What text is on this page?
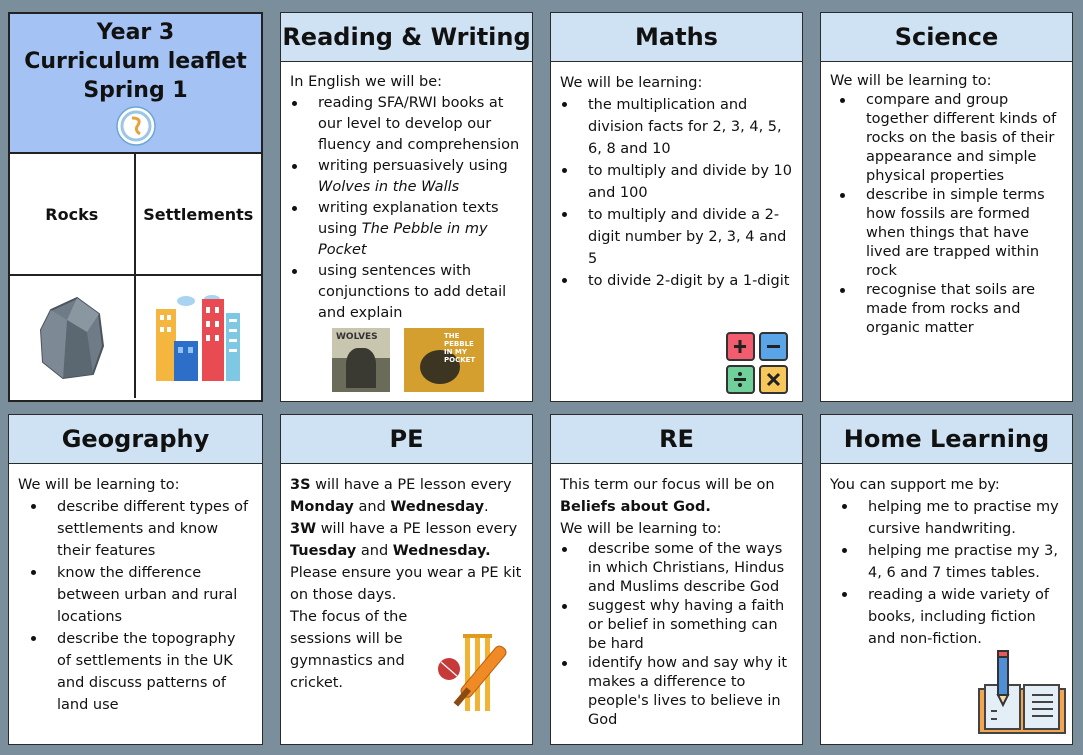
Year 3
Curriculum leaflet
Spring 1
Rocks	Settlements
Reading & Writing

In English we will be:

reading SFA/RWI books at our level to develop our fluency and comprehension
writing persuasively using Wolves in the Walls
writing explanation texts using The Pebble in my Pocket
using sentences with conjunctions to add detail and explain
WOLVES	THE PEBBLE IN MY POCKET
Maths

We will be learning:

the multiplication and division facts for 2, 3, 4, 5, 6, 8 and 10
to multiply and divide by 10 and 100
to multiply and divide a 2-digit number by 2, 3, 4 and 5
to divide 2-digit by a 1-digit
Science

We will be learning to:

compare and group together different kinds of rocks on the basis of their appearance and simple physical properties
describe in simple terms how fossils are formed when things that have lived are trapped within rock
recognise that soils are made from rocks and organic matter
Geography

We will be learning to:

describe different types of settlements and know their features
know the difference between urban and rural locations
describe the topography of settlements in the UK and discuss patterns of land use
PE

3S will have a PE lesson every Monday and Wednesday.

3W will have a PE lesson every Tuesday and Wednesday.

Please ensure you wear a PE kit on those days.

The focus of the sessions will be gymnastics and cricket.

RE

This term our focus will be on Beliefs about God.

We will be learning to:

describe some of the ways in which Christians, Hindus and Muslims describe God
suggest why having a faith or belief in something can be hard
identify how and say why it makes a difference to people's lives to believe in God
Home Learning

You can support me by:

helping me to practise my cursive handwriting.
helping me practise my 3, 4, 6 and 7 times tables.
reading a wide variety of books, including fiction and non-fiction.
